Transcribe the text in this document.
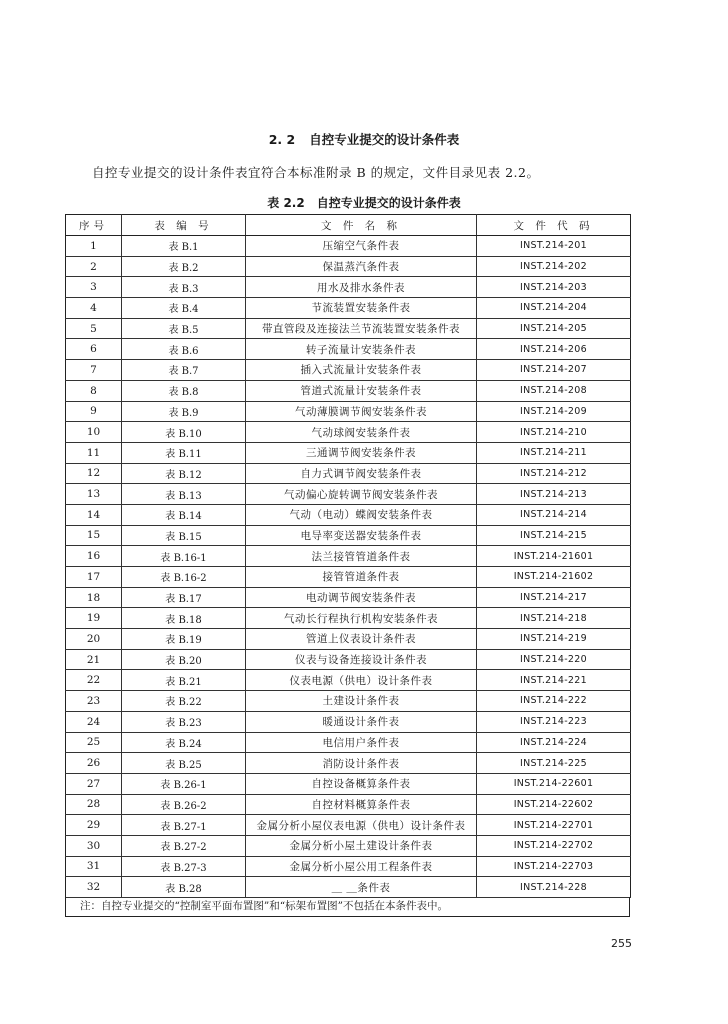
2. 2 自控专业提交的设计条件表
自控专业提交的设计条件表宜符合本标准附录 B 的规定，文件目录见表 2.2。
表 2.2 自控专业提交的设计条件表
序号	表 编 号	文 件 名 称	文 件 代 码
1	表 B.1	压缩空气条件表	INST.214-201
2	表 B.2	保温蒸汽条件表	INST.214-202
3	表 B.3	用水及排水条件表	INST.214-203
4	表 B.4	节流装置安装条件表	INST.214-204
5	表 B.5	带直管段及连接法兰节流装置安装条件表	INST.214-205
6	表 B.6	转子流量计安装条件表	INST.214-206
7	表 B.7	插入式流量计安装条件表	INST.214-207
8	表 B.8	管道式流量计安装条件表	INST.214-208
9	表 B.9	气动薄膜调节阀安装条件表	INST.214-209
10	表 B.10	气动球阀安装条件表	INST.214-210
11	表 B.11	三通调节阀安装条件表	INST.214-211
12	表 B.12	自力式调节阀安装条件表	INST.214-212
13	表 B.13	气动偏心旋转调节阀安装条件表	INST.214-213
14	表 B.14	气动（电动）蝶阀安装条件表	INST.214-214
15	表 B.15	电导率变送器安装条件表	INST.214-215
16	表 B.16-1	法兰接管管道条件表	INST.214-21601
17	表 B.16-2	接管管道条件表	INST.214-21602
18	表 B.17	电动调节阀安装条件表	INST.214-217
19	表 B.18	气动长行程执行机构安装条件表	INST.214-218
20	表 B.19	管道上仪表设计条件表	INST.214-219
21	表 B.20	仪表与设备连接设计条件表	INST.214-220
22	表 B.21	仪表电源（供电）设计条件表	INST.214-221
23	表 B.22	土建设计条件表	INST.214-222
24	表 B.23	暖通设计条件表	INST.214-223
25	表 B.24	电信用户条件表	INST.214-224
26	表 B.25	消防设计条件表	INST.214-225
27	表 B.26-1	自控设备概算条件表	INST.214-22601
28	表 B.26-2	自控材料概算条件表	INST.214-22602
29	表 B.27-1	金属分析小屋仪表电源（供电）设计条件表	INST.214-22701
30	表 B.27-2	金属分析小屋土建设计条件表	INST.214-22702
31	表 B.27-3	金属分析小屋公用工程条件表	INST.214-22703
32	表 B.28	＿ ＿条件表	INST.214-228
注：自控专业提交的“控制室平面布置图”和“标架布置图”不包括在本条件表中。
255
